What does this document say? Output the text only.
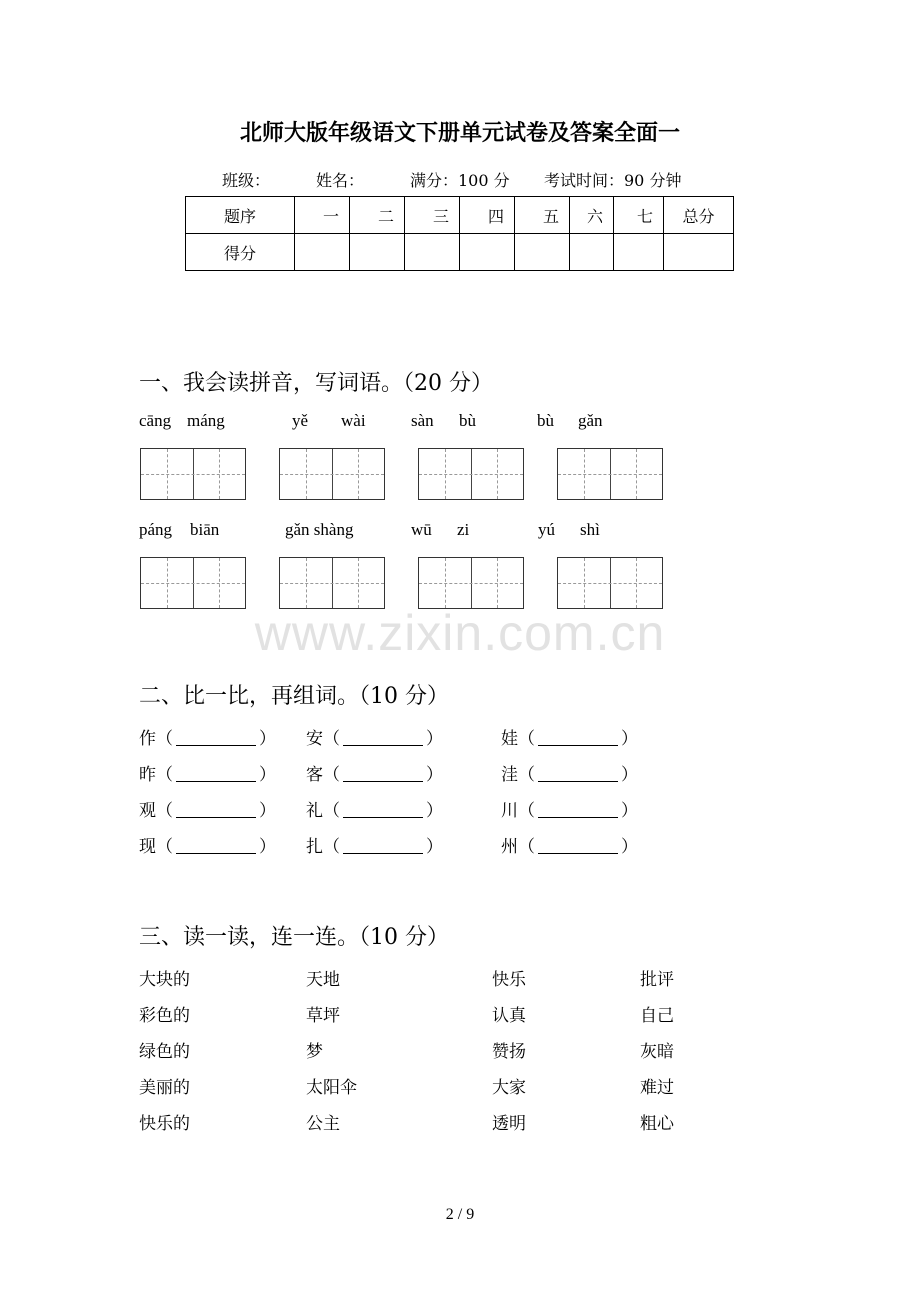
北师大版年级语文下册单元试卷及答案全面一
班级：	姓名：	满分：100 分 考试时间：90 分钟
题序	一	二	三	四	五	六	七	总分
得分								
一、我会读拼音，写词语。（20 分）
cāng máng	yě wài	sàn bù	bù gǎn
páng biān	gǎn shàng	wū zi	yú shì
www.zixin.com.cn
二、比一比，再组词。（10 分）
作（	） 安（	）	娃（	）
昨（	） 客（	）	洼（	）
观（	） 礼（	）	川（	）
现（	） 扎（	）	州（	）
三、读一读，连一连。（10 分）
大块的	天地	快乐	批评
彩色的	草坪	认真	自己
绿色的	梦	赞扬	灰暗
美丽的	太阳伞	大家	难过
快乐的	公主	透明	粗心
2 / 9
